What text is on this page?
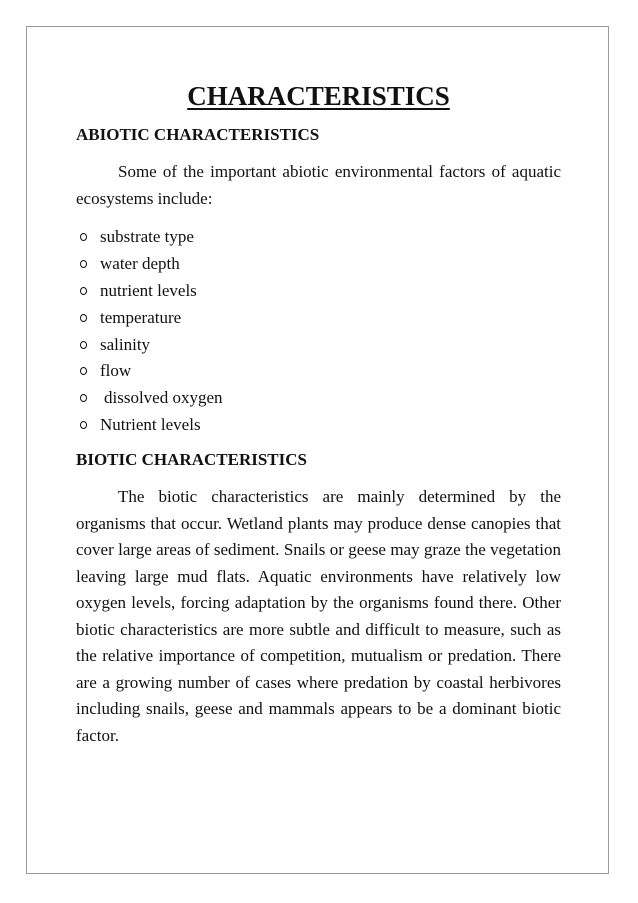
CHARACTERISTICS
ABIOTIC CHARACTERISTICS

Some of the important abiotic environmental factors of aquatic ecosystems include:

substrate type
water depth
nutrient levels
temperature
salinity
flow
dissolved oxygen
Nutrient levels
BIOTIC CHARACTERISTICS

The biotic characteristics are mainly determined by the organisms that occur. Wetland plants may produce dense canopies that cover large areas of sediment. Snails or geese may graze the vegetation leaving large mud flats. Aquatic environments have relatively low oxygen levels, forcing adaptation by the organisms found there. Other biotic characteristics are more subtle and difficult to measure, such as the relative importance of competition, mutualism or predation. There are a growing number of cases where predation by coastal herbivores including snails, geese and mammals appears to be a dominant biotic factor.
